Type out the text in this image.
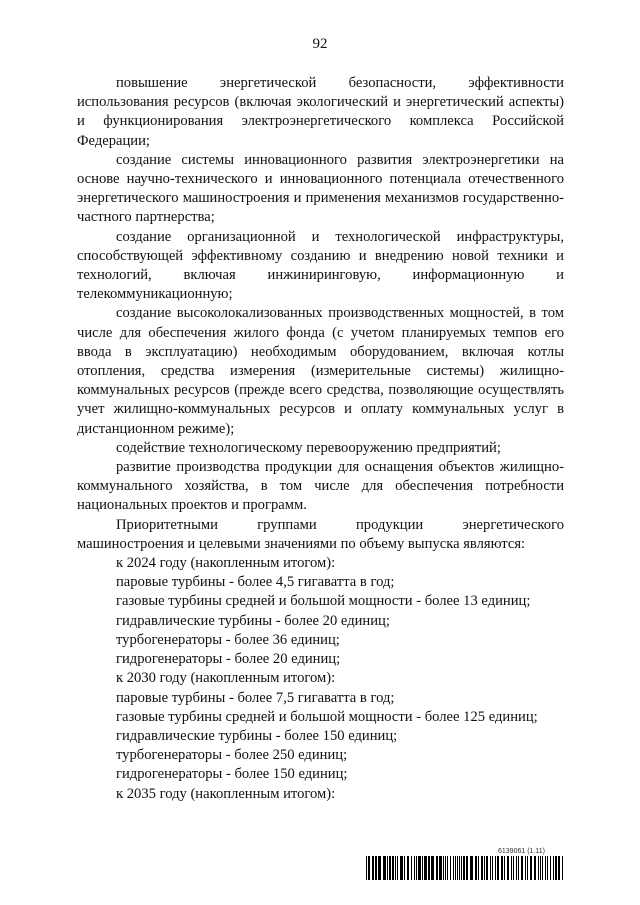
92

повышение энергетической безопасности, эффективности использования ресурсов (включая экологический и энергетический аспекты) и функционирования электроэнергетического комплекса Российской Федерации;

создание системы инновационного развития электроэнергетики на основе научно-технического и инновационного потенциала отечественного энергетического машиностроения и применения механизмов государственно-частного партнерства;

создание организационной и технологической инфраструктуры, способствующей эффективному созданию и внедрению новой техники и технологий, включая инжиниринговую, информационную и телекоммуникационную;

создание высоколокализованных производственных мощностей, в том числе для обеспечения жилого фонда (с учетом планируемых темпов его ввода в эксплуатацию) необходимым оборудованием, включая котлы отопления, средства измерения (измерительные системы) жилищно-коммунальных ресурсов (прежде всего средства, позволяющие осуществлять учет жилищно-коммунальных ресурсов и оплату коммунальных услуг в дистанционном режиме);

содействие технологическому перевооружению предприятий;

развитие производства продукции для оснащения объектов жилищно-коммунального хозяйства, в том числе для обеспечения потребности национальных проектов и программ.

Приоритетными группами продукции энергетического машиностроения и целевыми значениями по объему выпуска являются:

к 2024 году (накопленным итогом):

паровые турбины - более 4,5 гигаватта в год;

газовые турбины средней и большой мощности - более 13 единиц;

гидравлические турбины - более 20 единиц;

турбогенераторы - более 36 единиц;

гидрогенераторы - более 20 единиц;

к 2030 году (накопленным итогом):

паровые турбины - более 7,5 гигаватта в год;

газовые турбины средней и большой мощности - более 125 единиц;

гидравлические турбины - более 150 единиц;

турбогенераторы - более 250 единиц;

гидрогенераторы - более 150 единиц;

к 2035 году (накопленным итогом):

6139061 (1.11)
